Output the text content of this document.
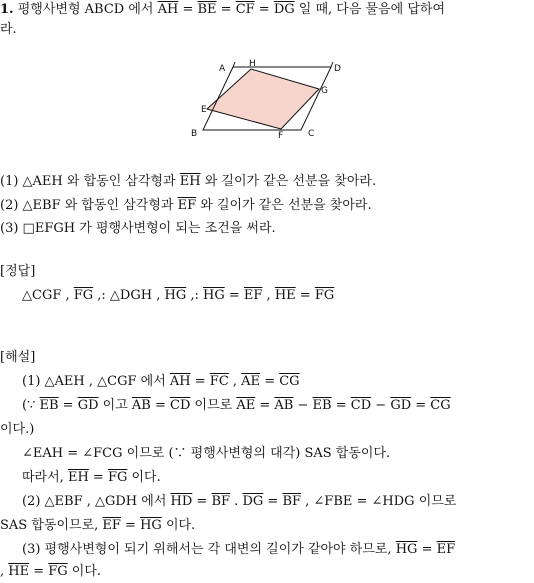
1. 평행사변형 ABCD 에서 $\overline{AH} = \overline{BE} = \overline{CF} = \overline{DG}$ 일 때, 다음 물음에 답하여
라.
A	H	D
E
G
B	F	C
(1) △AEH 와 합동인 삼각형과 $\overline{EH}$ 와 길이가 같은 선분을 찾아라.
(2) △EBF 와 합동인 삼각형과 $\overline{EF}$ 와 길이가 같은 선분을 찾아라.
(3) □EFGH 가 평행사변형이 되는 조건을 써라.
[정답]
△CGF , $\overline{FG}$ ,: △DGH , $\overline{HG}$ ,: $\overline{HG} = \overline{EF}$ , $\overline{HE} = \overline{FG}$
[해설]
(1) △AEH , △CGF 에서 $\overline{AH} = \overline{FC}$ , $\overline{AE} = \overline{CG}$
(∵ $\overline{EB} = \overline{GD}$ 이고 $\overline{AB} = \overline{CD}$ 이므로 $\overline{AE} = \overline{AB} - \overline{EB} = \overline{CD} - \overline{GD} = \overline{CG}$
이다.)
∠EAH = ∠FCG 이므로 (∵ 평행사변형의 대각) SAS 합동이다.
따라서, $\overline{EH} = \overline{FG}$ 이다.
(2) △EBF , △GDH 에서 $\overline{HD} = \overline{BF}$ . $\overline{DG} = \overline{BF}$ , ∠FBE = ∠HDG 이므로
SAS 합동이므로, $\overline{EF} = \overline{HG}$ 이다.
(3) 평행사변형이 되기 위해서는 각 대변의 길이가 같아야 하므로, $\overline{HG} = \overline{EF}$
, $\overline{HE} = \overline{FG}$ 이다.
